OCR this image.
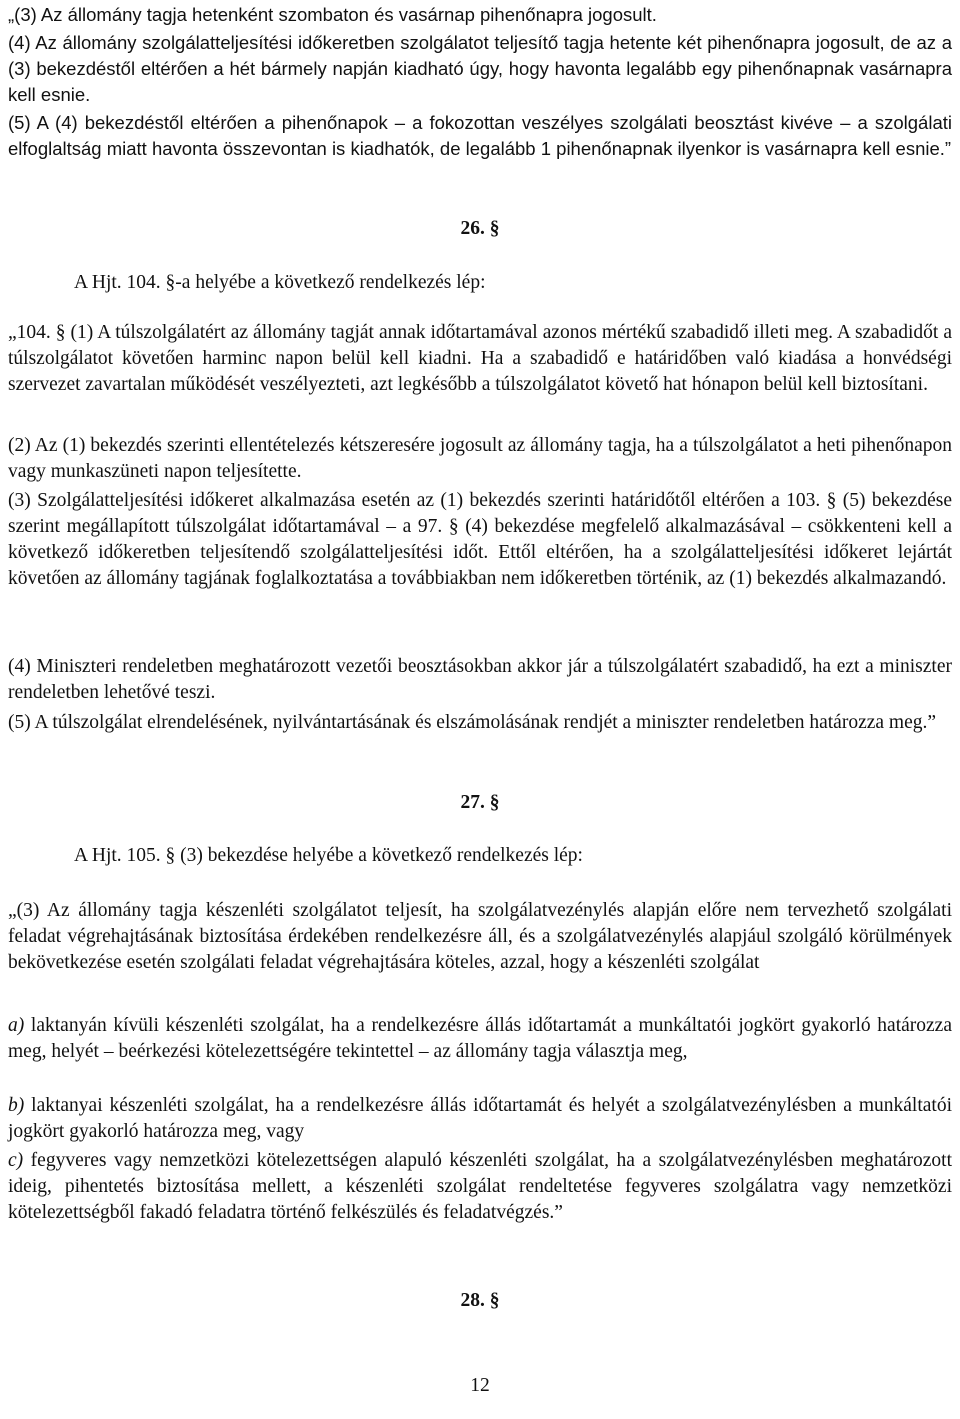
„(3) Az állomány tagja hetenként szombaton és vasárnap pihenőnapra jogosult.

(4) Az állomány szolgálatteljesítési időkeretben szolgálatot teljesítő tagja hetente két pihenőnapra jogosult, de az a (3) bekezdéstől eltérően a hét bármely napján kiadható úgy, hogy havonta legalább egy pihenőnapnak vasárnapra kell esnie.

(5) A (4) bekezdéstől eltérően a pihenőnapok – a fokozottan veszélyes szolgálati beosztást kivéve – a szolgálati elfoglaltság miatt havonta összevontan is kiadhatók, de legalább 1 pihenőnapnak ilyenkor is vasárnapra kell esnie.”

26. §

A Hjt. 104. §-a helyébe a következő rendelkezés lép:

„104. § (1) A túlszolgálatért az állomány tagját annak időtartamával azonos mértékű szabadidő illeti meg. A szabadidőt a túlszolgálatot követően harminc napon belül kell kiadni. Ha a szabadidő e határidőben való kiadása a honvédségi szervezet zavartalan működését veszélyezteti, azt legkésőbb a túlszolgálatot követő hat hónapon belül kell biztosítani.

(2) Az (1) bekezdés szerinti ellentételezés kétszeresére jogosult az állomány tagja, ha a túlszolgálatot a heti pihenőnapon vagy munkaszüneti napon teljesítette.

(3) Szolgálatteljesítési időkeret alkalmazása esetén az (1) bekezdés szerinti határidőtől eltérően a 103. § (5) bekezdése szerint megállapított túlszolgálat időtartamával – a 97. § (4) bekezdése megfelelő alkalmazásával – csökkenteni kell a következő időkeretben teljesítendő szolgálatteljesítési időt. Ettől eltérően, ha a szolgálatteljesítési időkeret lejártát követően az állomány tagjának foglalkoztatása a továbbiakban nem időkeretben történik, az (1) bekezdés alkalmazandó.

(4) Miniszteri rendeletben meghatározott vezetői beosztásokban akkor jár a túlszolgálatért szabadidő, ha ezt a miniszter rendeletben lehetővé teszi.

(5) A túlszolgálat elrendelésének, nyilvántartásának és elszámolásának rendjét a miniszter rendeletben határozza meg.”

27. §

A Hjt. 105. § (3) bekezdése helyébe a következő rendelkezés lép:

„(3) Az állomány tagja készenléti szolgálatot teljesít, ha szolgálatvezénylés alapján előre nem tervezhető szolgálati feladat végrehajtásának biztosítása érdekében rendelkezésre áll, és a szolgálatvezénylés alapjául szolgáló körülmények bekövetkezése esetén szolgálati feladat végrehajtására köteles, azzal, hogy a készenléti szolgálat

a) laktanyán kívüli készenléti szolgálat, ha a rendelkezésre állás időtartamát a munkáltatói jogkört gyakorló határozza meg, helyét – beérkezési kötelezettségére tekintettel – az állomány tagja választja meg,

b) laktanyai készenléti szolgálat, ha a rendelkezésre állás időtartamát és helyét a szolgálatvezénylésben a munkáltatói jogkört gyakorló határozza meg, vagy

c) fegyveres vagy nemzetközi kötelezettségen alapuló készenléti szolgálat, ha a szolgálatvezénylésben meghatározott ideig, pihentetés biztosítása mellett, a készenléti szolgálat rendeltetése fegyveres szolgálatra vagy nemzetközi kötelezettségből fakadó feladatra történő felkészülés és feladatvégzés.”

28. §

12
